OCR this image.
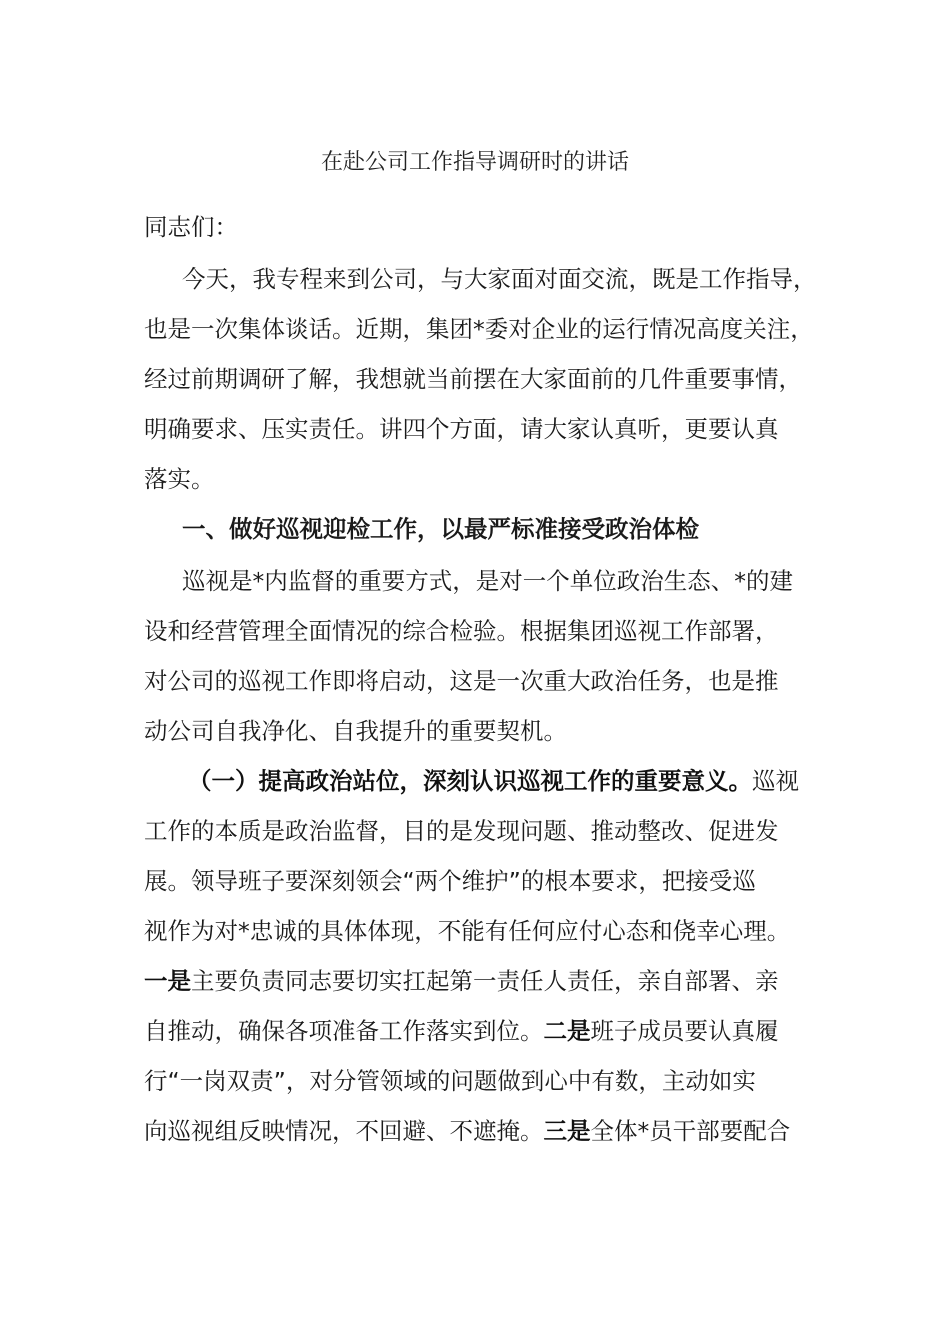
在赴公司工作指导调研时的讲话
同志们：
今天，我专程来到公司，与大家面对面交流，既是工作指导，
也是一次集体谈话。近期，集团*委对企业的运行情况高度关注，
经过前期调研了解，我想就当前摆在大家面前的几件重要事情，
明确要求、压实责任。讲四个方面，请大家认真听，更要认真
落实。
一、做好巡视迎检工作，以最严标准接受政治体检
巡视是*内监督的重要方式，是对一个单位政治生态、*的建
设和经营管理全面情况的综合检验。根据集团巡视工作部署，
对公司的巡视工作即将启动，这是一次重大政治任务，也是推
动公司自我净化、自我提升的重要契机。
（一）提高政治站位，深刻认识巡视工作的重要意义。巡视
工作的本质是政治监督，目的是发现问题、推动整改、促进发
展。领导班子要深刻领会“两个维护”的根本要求，把接受巡
视作为对*忠诚的具体体现，不能有任何应付心态和侥幸心理。
一是主要负责同志要切实扛起第一责任人责任，亲自部署、亲
自推动，确保各项准备工作落实到位。二是班子成员要认真履
行“一岗双责”，对分管领域的问题做到心中有数，主动如实
向巡视组反映情况，不回避、不遮掩。三是全体*员干部要配合
